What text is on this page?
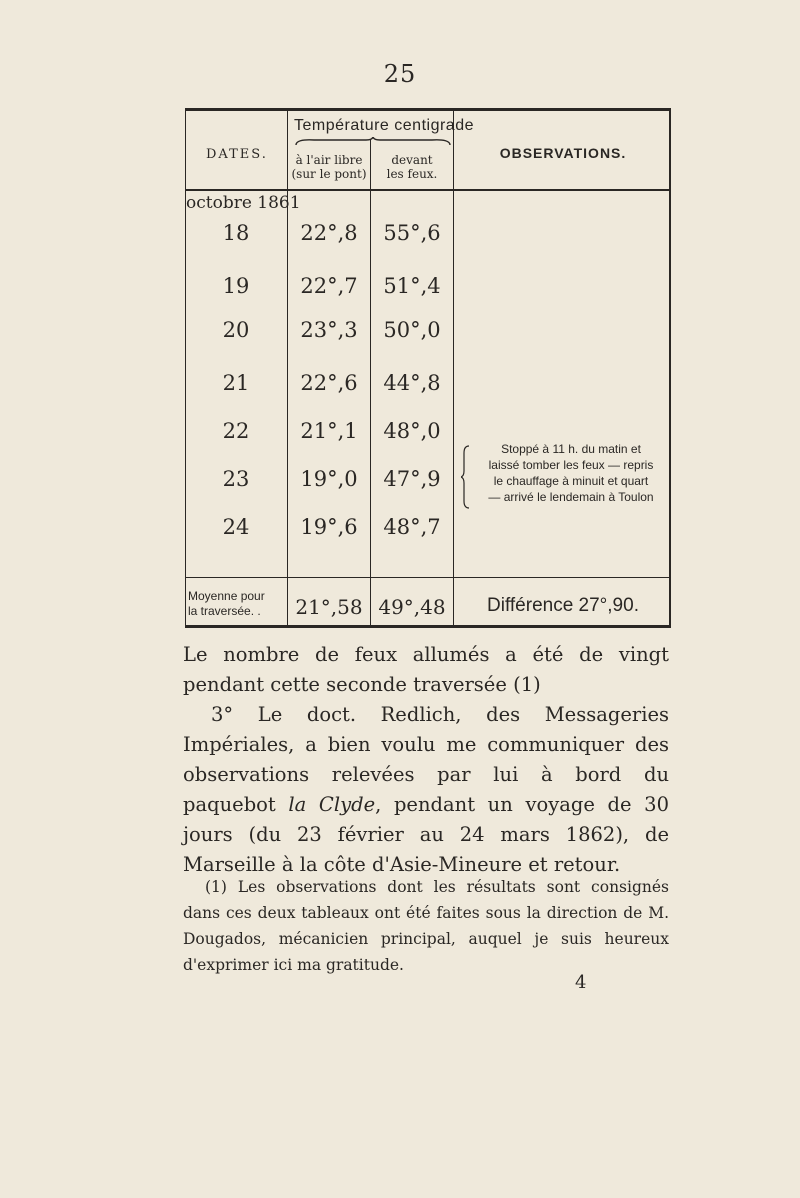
25
DATES.
Température centigrade
à l'air libre
(sur le pont)
devant
les feux.
OBSERVATIONS.
octobre 1861
18	22°,8	55°,6
19	22°,7	51°,4
20	23°,3	50°,0
21	22°,6	44°,8
22	21°,1	48°,0
23	19°,0	47°,9
24	19°,6	48°,7
Stoppé à 11 h. du matin et
laissé tomber les feux — repris
le chauffage à minuit et quart
— arrivé le lendemain à Toulon
Moyenne pour
la traversée. .	21°,58 49°,48	Différence 27°,90.

Le nombre de feux allumés a été de vingt pendant cette seconde traversée (1)

3° Le doct. Redlich, des Messageries Impériales, a bien voulu me communiquer des observations relevées par lui à bord du paquebot la Clyde, pendant un voyage de 30 jours (du 23 février au 24 mars 1862), de Marseille à la côte d'Asie-Mineure et retour.

(1) Les observations dont les résultats sont consignés dans ces deux tableaux ont été faites sous la direction de M. Dougados, mécanicien principal, auquel je suis heureux d'exprimer ici ma gratitude.
4
